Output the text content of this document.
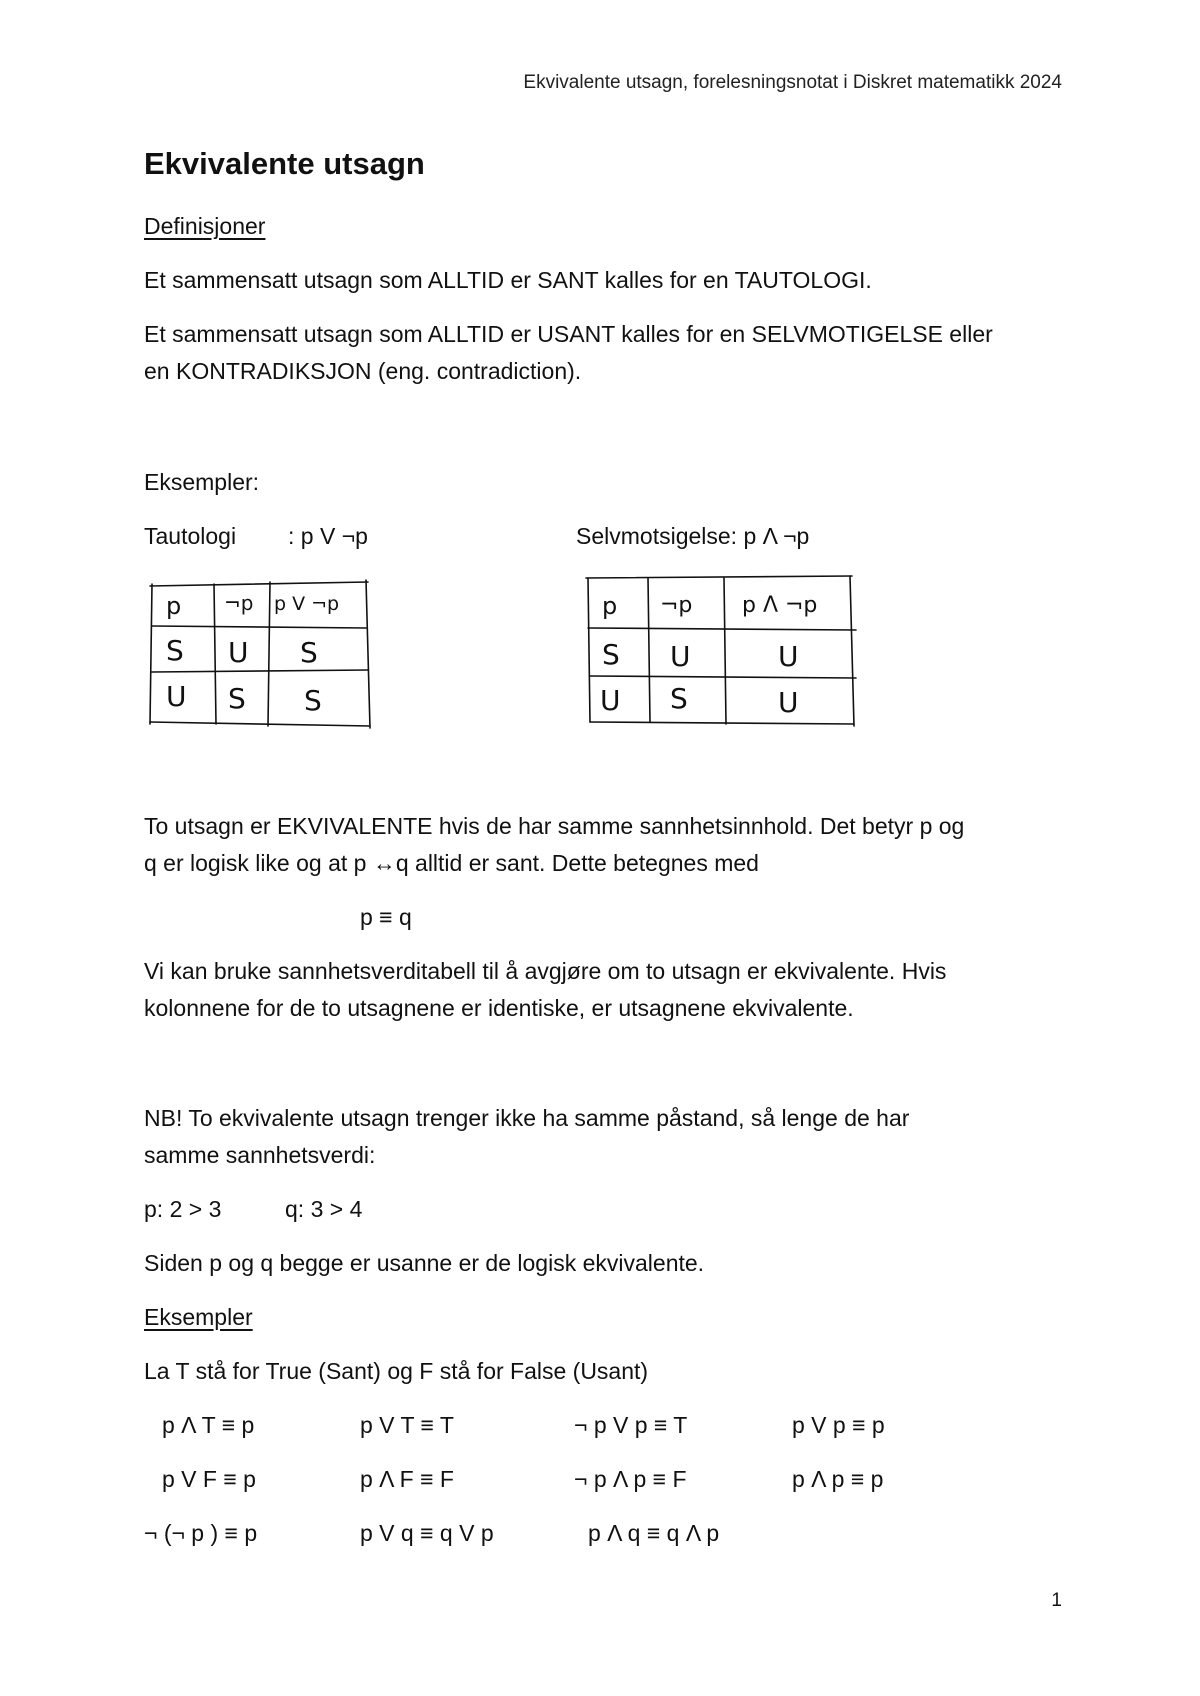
Ekvivalente utsagn, forelesningsnotat i Diskret matematikk 2024
Ekvivalente utsagn
Definisjoner
Et sammensatt utsagn som ALLTID er SANT kalles for en TAUTOLOGI.
Et sammensatt utsagn som ALLTID er USANT kalles for en SELVMOTIGELSE eller
en KONTRADIKSJON (eng. contradiction).
Eksempler:
Tautologi : p V ¬p	Selvmotsigelse: p Λ ¬p
p ¬p p V ¬p
S U S
U S S
p ¬p p Λ ¬p
S U	U
U S	U
To utsagn er EKVIVALENTE hvis de har samme sannhetsinnhold. Det betyr p og
q er logisk like og at p ↔q alltid er sant. Dette betegnes med
p ≡ q
Vi kan bruke sannhetsverditabell til å avgjøre om to utsagn er ekvivalente. Hvis
kolonnene for de to utsagnene er identiske, er utsagnene ekvivalente.
NB! To ekvivalente utsagn trenger ikke ha samme påstand, så lenge de har
samme sannhetsverdi:
p: 2 > 3	q: 3 > 4
Siden p og q begge er usanne er de logisk ekvivalente.
Eksempler
La T stå for True (Sant) og F stå for False (Usant)
p Λ T ≡ p	p V T ≡ T	¬ p V p ≡ T	p V p ≡ p
p V F ≡ p	p Λ F ≡ F	¬ p Λ p ≡ F	p Λ p ≡ p
¬ (¬ p ) ≡ p	p V q ≡ q V p	p Λ q ≡ q Λ p
1
